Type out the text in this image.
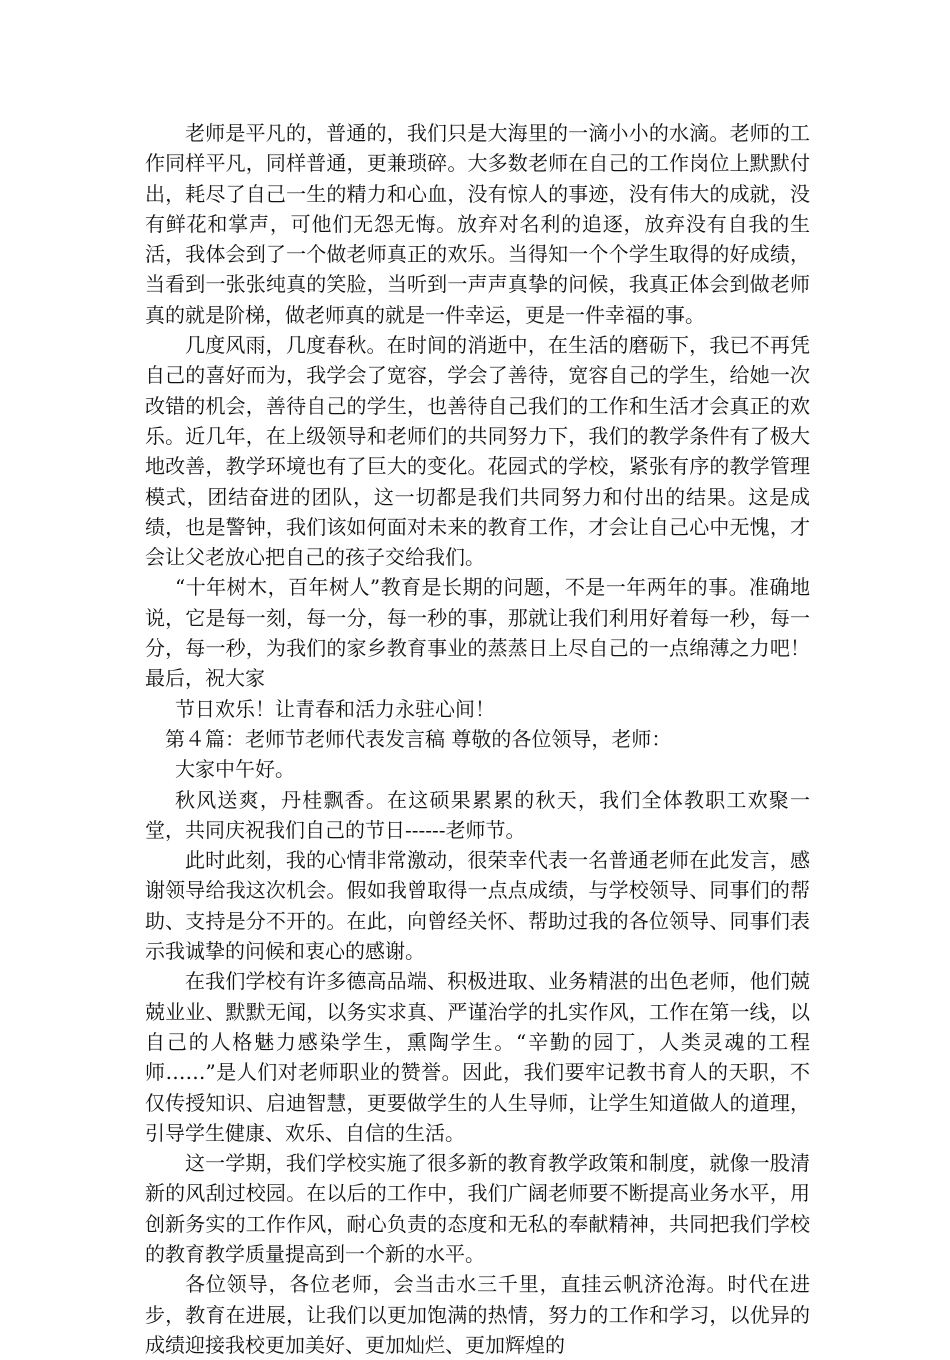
老师是平凡的，普通的，我们只是大海里的一滴小小的水滴。老师的工作同样平凡，同样普通，更兼琐碎。大多数老师在自己的工作岗位上默默付出，耗尽了自己一生的精力和心血，没有惊人的事迹，没有伟大的成就，没有鲜花和掌声，可他们无怨无悔。放弃对名利的追逐，放弃没有自我的生活，我体会到了一个做老师真正的欢乐。当得知一个个学生取得的好成绩，当看到一张张纯真的笑脸，当听到一声声真挚的问候，我真正体会到做老师真的就是阶梯，做老师真的就是一件幸运，更是一件幸福的事。

几度风雨，几度春秋。在时间的消逝中，在生活的磨砺下，我已不再凭自己的喜好而为，我学会了宽容，学会了善待，宽容自己的学生，给她一次改错的机会，善待自己的学生，也善待自己我们的工作和生活才会真正的欢乐。近几年，在上级领导和老师们的共同努力下，我们的教学条件有了极大地改善，教学环境也有了巨大的变化。花园式的学校，紧张有序的教学管理模式，团结奋进的团队，这一切都是我们共同努力和付出的结果。这是成绩，也是警钟，我们该如何面对未来的教育工作，才会让自己心中无愧，才会让父老放心把自己的孩子交给我们。

“十年树木，百年树人”教育是长期的问题，不是一年两年的事。准确地说，它是每一刻，每一分，每一秒的事，那就让我们利用好着每一秒，每一分，每一秒，为我们的家乡教育事业的蒸蒸日上尽自己的一点绵薄之力吧！ 最后，祝大家

节日欢乐！让青春和活力永驻心间！

第４篇：老师节老师代表发言稿 尊敬的各位领导，老师：

大家中午好。

秋风送爽，丹桂飘香。在这硕果累累的秋天，我们全体教职工欢聚一堂，共同庆祝我们自己的节日------老师节。

此时此刻，我的心情非常激动，很荣幸代表一名普通老师在此发言，感谢领导给我这次机会。假如我曾取得一点点成绩，与学校领导、同事们的帮助、支持是分不开的。在此，向曾经关怀、帮助过我的各位领导、同事们表示我诚挚的问候和衷心的感谢。

在我们学校有许多德高品端、积极进取、业务精湛的出色老师，他们兢兢业业、默默无闻，以务实求真、严谨治学的扎实作风，工作在第一线，以自己的人格魅力感染学生，熏陶学生。“辛勤的园丁，人类灵魂的工程师……”是人们对老师职业的赞誉。因此，我们要牢记教书育人的天职，不仅传授知识、启迪智慧，更要做学生的人生导师，让学生知道做人的道理，引导学生健康、欢乐、自信的生活。

这一学期，我们学校实施了很多新的教育教学政策和制度，就像一股清新的风刮过校园。在以后的工作中，我们广阔老师要不断提高业务水平，用创新务实的工作作风，耐心负责的态度和无私的奉献精神，共同把我们学校的教育教学质量提高到一个新的水平。

各位领导，各位老师，会当击水三千里，直挂云帆济沧海。时代在进步，教育在进展，让我们以更加饱满的热情，努力的工作和学习，以优异的成绩迎接我校更加美好、更加灿烂、更加辉煌的
